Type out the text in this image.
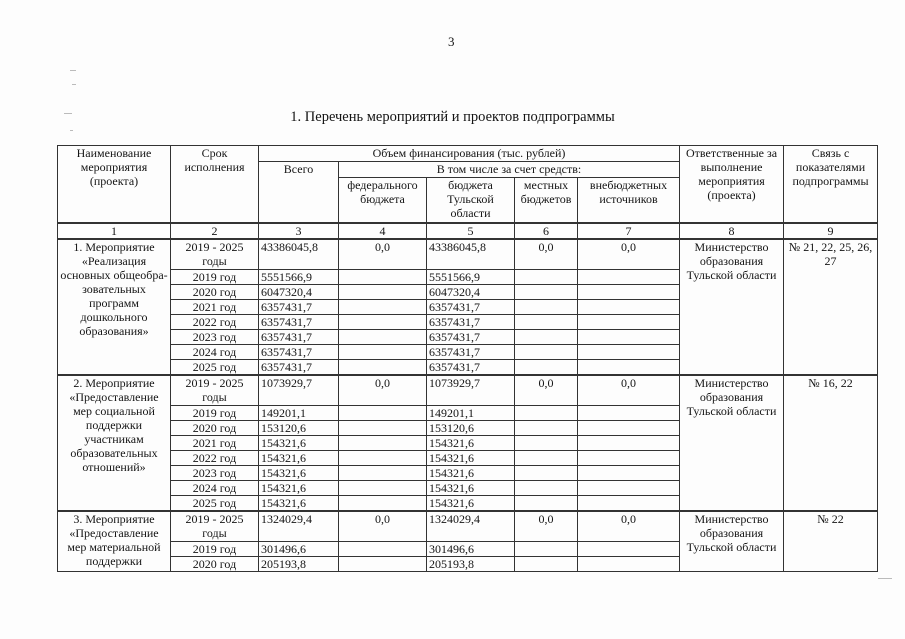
3
1. Перечень мероприятий и проектов подпрограммы
Наименование мероприятия (проекта)	Срок исполнения	Объем финансирования (тыс. рублей)					Ответственные за выполнение мероприятия (проекта)	Связь с показателями подпрограммы
		Всего	В том числе за счет средств:					
			федерального бюджета	бюджета Тульской области	местных бюджетов	внебюджетных источников		
1	2	3	4	5	6	7	8	9
1. Мероприятие «Реализация основных общеобра-зовательных программ дошкольного образования»	2019 - 2025 годы	43386045,8	0,0	43386045,8	0,0	0,0	Министерство образования Тульской области	№ 21, 22, 25, 26, 27
	2019 год	5551566,9		5551566,9				
	2020 год	6047320,4		6047320,4				
	2021 год	6357431,7		6357431,7				
	2022 год	6357431,7		6357431,7				
	2023 год	6357431,7		6357431,7				
	2024 год	6357431,7		6357431,7				
	2025 год	6357431,7		6357431,7				
2. Мероприятие «Предоставление мер социальной поддержки участникам образовательных отношений»	2019 - 2025 годы	1073929,7	0,0	1073929,7	0,0	0,0	Министерство образования Тульской области	№ 16, 22
	2019 год	149201,1		149201,1				
	2020 год	153120,6		153120,6				
	2021 год	154321,6		154321,6				
	2022 год	154321,6		154321,6				
	2023 год	154321,6		154321,6				
	2024 год	154321,6		154321,6				
	2025 год	154321,6		154321,6				
3. Мероприятие «Предоставление мер материальной поддержки	2019 - 2025 годы	1324029,4	0,0	1324029,4	0,0	0,0	Министерство образования Тульской области	№ 22
	2019 год	301496,6		301496,6				
	2020 год	205193,8		205193,8				
